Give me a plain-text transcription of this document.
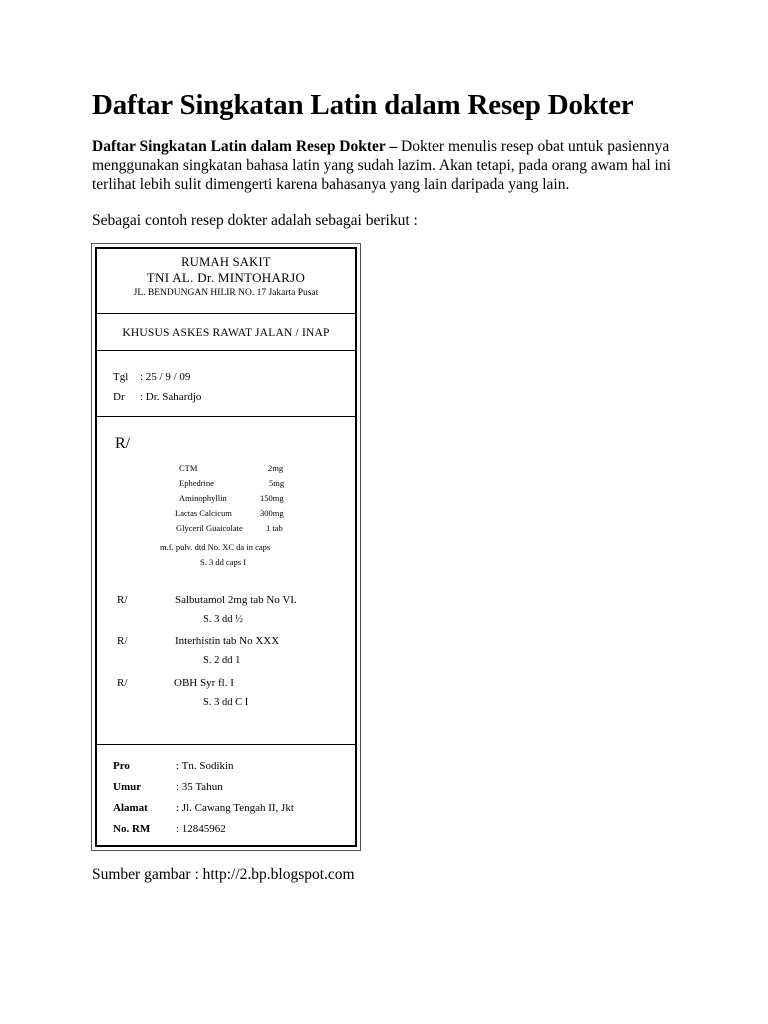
Daftar Singkatan Latin dalam Resep Dokter

Daftar Singkatan Latin dalam Resep Dokter – Dokter menulis resep obat untuk pasiennya menggunakan singkatan bahasa latin yang sudah lazim. Akan tetapi, pada orang awam hal ini terlihat lebih sulit dimengerti karena bahasanya yang lain daripada yang lain.

Sebagai contoh resep dokter adalah sebagai berikut :

RUMAH SAKIT
TNI AL. Dr. MINTOHARJO
JL. BENDUNGAN HILIR NO. 17 Jakarta Pusat
KHUSUS ASKES RAWAT JALAN / INAP
Tgl : 25 / 9 / 09
Dr : Dr. Sahardjo
R/
CTM	2mg
Ephedrine	5mg
Aminophyllin	150mg
Lactas Calcicum	300mg
Glyceril Guaicolate	1 tab
m.f. pulv. dtd No. XC da in caps
S. 3 dd caps I
R/	Salbutamol 2mg tab No VI.
S. 3 dd ½
R/	Interhistin tab No XXX
S. 2 dd 1
R/	OBH Syr fl. I
S. 3 dd C I
Pro	: Tn. Sodikin
Umur	: 35 Tahun
Alamat	: Jl. Cawang Tengah II, Jkt
No. RM : 12845962

Sumber gambar : http://2.bp.blogspot.com
